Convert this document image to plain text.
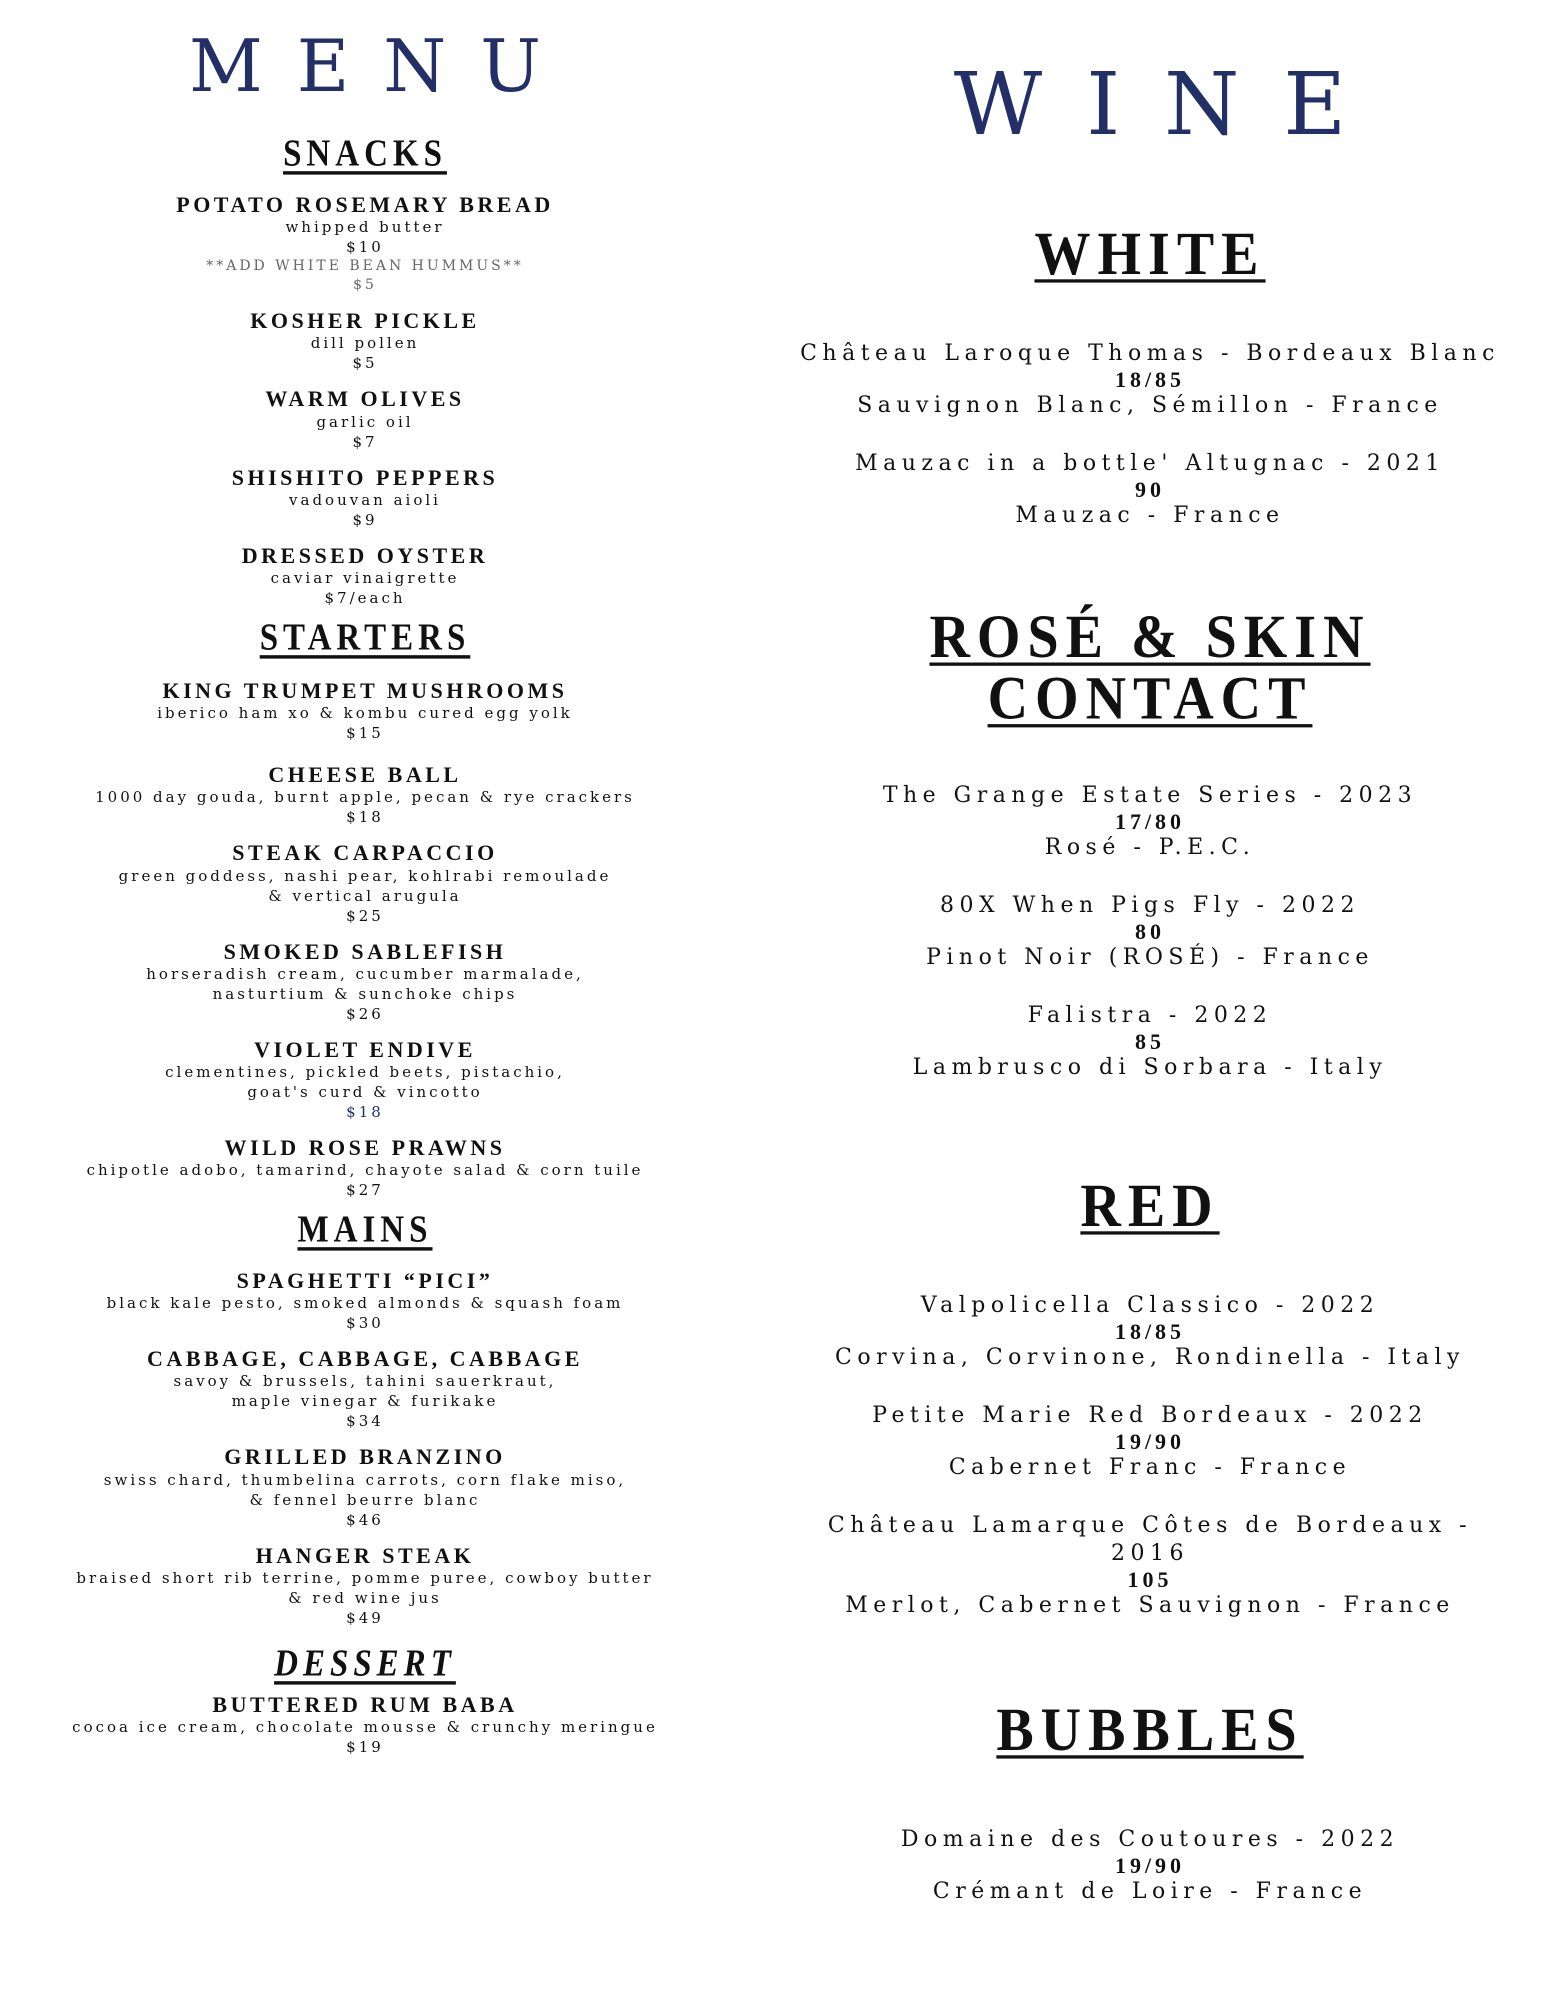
MENU
SNACKS

POTATO ROSEMARY BREAD

whipped butter

$10

**ADD WHITE BEAN HUMMUS**

$5

KOSHER PICKLE

dill pollen

$5

WARM OLIVES

garlic oil

$7

SHISHITO PEPPERS

vadouvan aioli

$9

DRESSED OYSTER

caviar vinaigrette

$7/each

STARTERS

KING TRUMPET MUSHROOMS

iberico ham xo & kombu cured egg yolk

$15

CHEESE BALL

1000 day gouda, burnt apple, pecan & rye crackers

$18

STEAK CARPACCIO

green goddess, nashi pear, kohlrabi remoulade

& vertical arugula

$25

SMOKED SABLEFISH

horseradish cream, cucumber marmalade,

nasturtium & sunchoke chips

$26

VIOLET ENDIVE

clementines, pickled beets, pistachio,

goat's curd & vincotto

$18

WILD ROSE PRAWNS

chipotle adobo, tamarind, chayote salad & corn tuile

$27

MAINS

SPAGHETTI “PICI”

black kale pesto, smoked almonds & squash foam

$30

CABBAGE, CABBAGE, CABBAGE

savoy & brussels, tahini sauerkraut,

maple vinegar & furikake

$34

GRILLED BRANZINO

swiss chard, thumbelina carrots, corn flake miso,

& fennel beurre blanc

$46

HANGER STEAK

braised short rib terrine, pomme puree, cowboy butter

& red wine jus

$49

DESSERT

BUTTERED RUM BABA

cocoa ice cream, chocolate mousse & crunchy meringue

$19

WINE
WHITE

Château Laroque Thomas - Bordeaux Blanc

18/85

Sauvignon Blanc, Sémillon - France

Mauzac in a bottle' Altugnac - 2021

90

Mauzac - France

ROSÉ & SKIN CONTACT

The Grange Estate Series - 2023

17/80

Rosé - P.E.C.

80X When Pigs Fly - 2022

80

Pinot Noir (ROSÉ) - France

Falistra - 2022

85

Lambrusco di Sorbara - Italy

RED

Valpolicella Classico - 2022

18/85

Corvina, Corvinone, Rondinella - Italy

Petite Marie Red Bordeaux - 2022

19/90

Cabernet Franc - France

Château Lamarque Côtes de Bordeaux - 2016

105

Merlot, Cabernet Sauvignon - France

BUBBLES

Domaine des Coutoures - 2022

19/90

Crémant de Loire - France
